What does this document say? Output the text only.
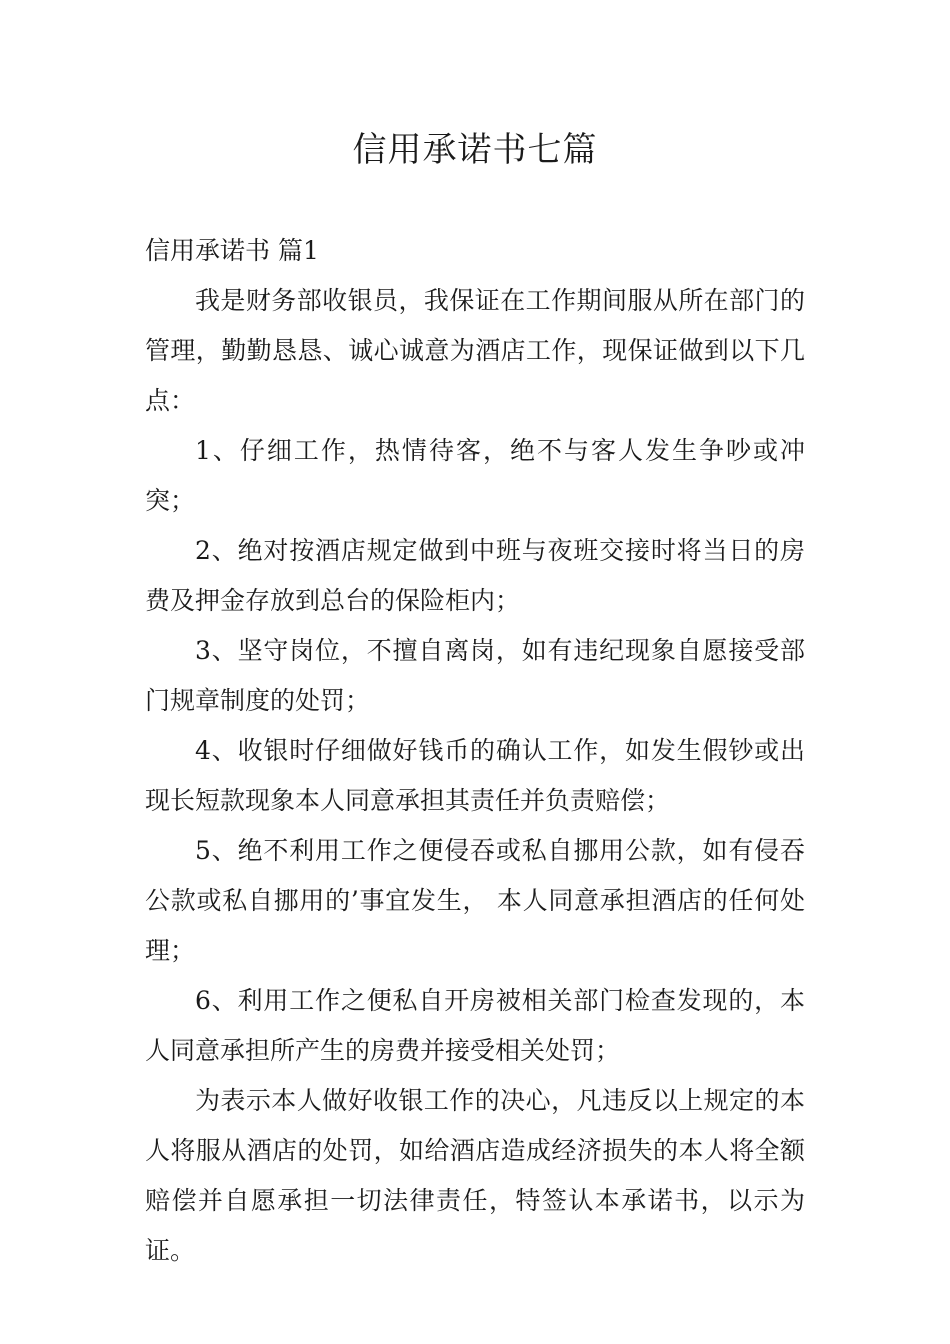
信用承诺书七篇
信用承诺书 篇1

我是财务部收银员，我保证在工作期间服从所在部门的管理，勤勤恳恳、诚心诚意为酒店工作，现保证做到以下几点：

1、仔细工作，热情待客，绝不与客人发生争吵或冲突；

2、绝对按酒店规定做到中班与夜班交接时将当日的房费及押金存放到总台的保险柜内；

3、坚守岗位，不擅自离岗，如有违纪现象自愿接受部门规章制度的处罚；

4、收银时仔细做好钱币的确认工作，如发生假钞或出现长短款现象本人同意承担其责任并负责赔偿；

5、绝不利用工作之便侵吞或私自挪用公款，如有侵吞公款或私自挪用的’事宜发生， 本人同意承担酒店的任何处理；

6、利用工作之便私自开房被相关部门检查发现的，本人同意承担所产生的房费并接受相关处罚；

为表示本人做好收银工作的决心，凡违反以上规定的本人将服从酒店的处罚，如给酒店造成经济损失的本人将全额赔偿并自愿承担一切法律责任，特签认本承诺书，以示为证。
